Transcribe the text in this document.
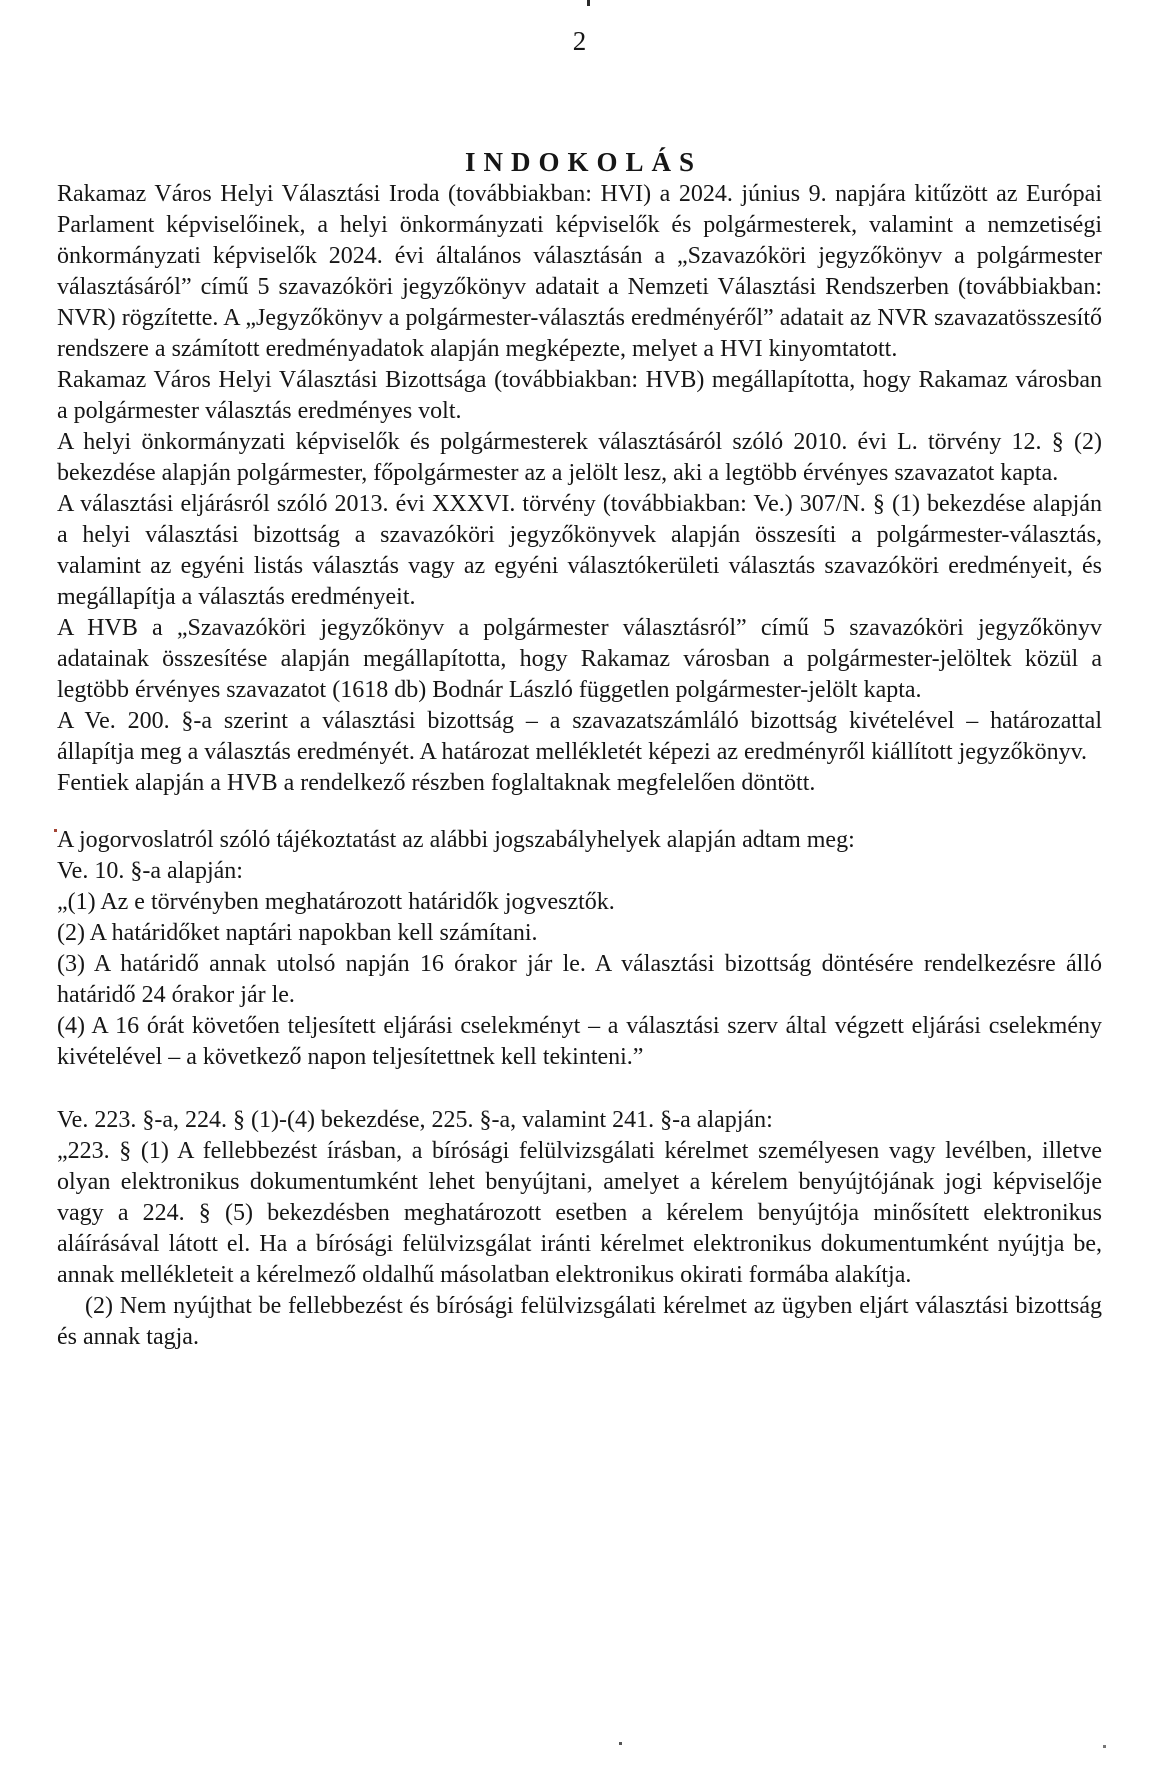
2
INDOKOLÁS

Rakamaz Város Helyi Választási Iroda (továbbiakban: HVI) a 2024. június 9. napjára kitűzött az Európai Parlament képviselőinek, a helyi önkormányzati képviselők és polgármesterek, valamint a nemzetiségi önkormányzati képviselők 2024. évi általános választásán a „Szavazóköri jegyzőkönyv a polgármester választásáról” című 5 szavazóköri jegyzőkönyv adatait a Nemzeti Választási Rendszerben (továbbiakban: NVR) rögzítette. A „Jegyzőkönyv a polgármester-választás eredményéről” adatait az NVR szavazatösszesítő rendszere a számított eredményadatok alapján megképezte, melyet a HVI kinyomtatott.

Rakamaz Város Helyi Választási Bizottsága (továbbiakban: HVB) megállapította, hogy Rakamaz városban a polgármester választás eredményes volt.

A helyi önkormányzati képviselők és polgármesterek választásáról szóló 2010. évi L. törvény 12. § (2) bekezdése alapján polgármester, főpolgármester az a jelölt lesz, aki a legtöbb érvényes szavazatot kapta.

A választási eljárásról szóló 2013. évi XXXVI. törvény (továbbiakban: Ve.) 307/N. § (1) bekezdése alapján a helyi választási bizottság a szavazóköri jegyzőkönyvek alapján összesíti a polgármester-választás, valamint az egyéni listás választás vagy az egyéni választókerületi választás szavazóköri eredményeit, és megállapítja a választás eredményeit.

A HVB a „Szavazóköri jegyzőkönyv a polgármester választásról” című 5 szavazóköri jegyzőkönyv adatainak összesítése alapján megállapította, hogy Rakamaz városban a polgármester-jelöltek közül a legtöbb érvényes szavazatot (1618 db) Bodnár László független polgármester-jelölt kapta.

A Ve. 200. §-a szerint a választási bizottság – a szavazatszámláló bizottság kivételével – határozattal állapítja meg a választás eredményét. A határozat mellékletét képezi az eredményről kiállított jegyzőkönyv.

Fentiek alapján a HVB a rendelkező részben foglaltaknak megfelelően döntött.

A jogorvoslatról szóló tájékoztatást az alábbi jogszabályhelyek alapján adtam meg:

Ve. 10. §-a alapján:

„(1) Az e törvényben meghatározott határidők jogvesztők.

(2) A határidőket naptári napokban kell számítani.

(3) A határidő annak utolsó napján 16 órakor jár le. A választási bizottság döntésére rendelkezésre álló határidő 24 órakor jár le.

(4) A 16 órát követően teljesített eljárási cselekményt – a választási szerv által végzett eljárási cselekmény kivételével – a következő napon teljesítettnek kell tekinteni.”

Ve. 223. §-a, 224. § (1)-(4) bekezdése, 225. §-a, valamint 241. §-a alapján:

„223. § (1) A fellebbezést írásban, a bírósági felülvizsgálati kérelmet személyesen vagy levélben, illetve olyan elektronikus dokumentumként lehet benyújtani, amelyet a kérelem benyújtójának jogi képviselője vagy a 224. § (5) bekezdésben meghatározott esetben a kérelem benyújtója minősített elektronikus aláírásával látott el. Ha a bírósági felülvizsgálat iránti kérelmet elektronikus dokumentumként nyújtja be, annak mellékleteit a kérelmező oldalhű másolatban elektronikus okirati formába alakítja.

(2) Nem nyújthat be fellebbezést és bírósági felülvizsgálati kérelmet az ügyben eljárt választási bizottság és annak tagja.
